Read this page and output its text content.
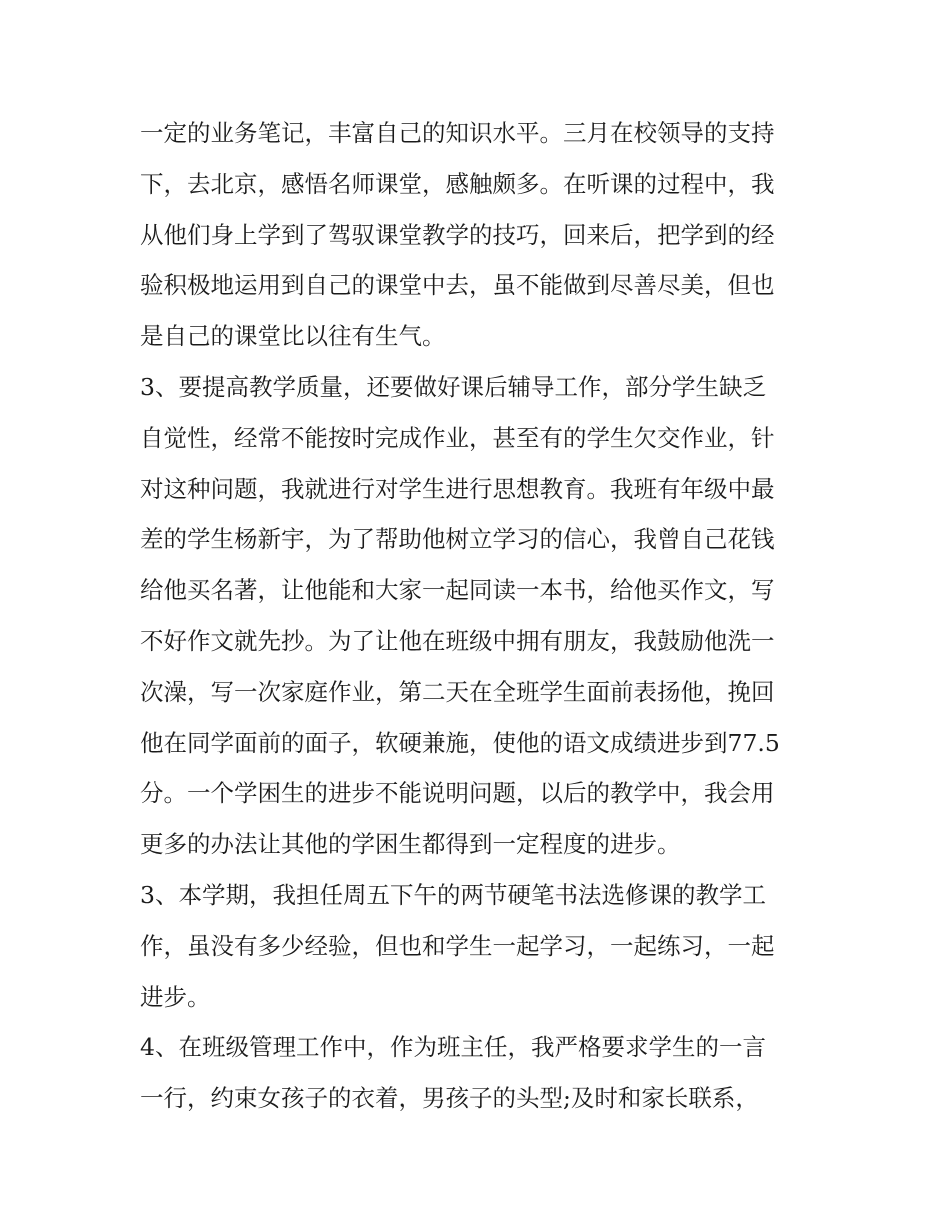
一定的业务笔记，丰富自己的知识水平。三月在校领导的支持
下，去北京，感悟名师课堂，感触颇多。在听课的过程中，我
从他们身上学到了驾驭课堂教学的技巧，回来后，把学到的经
验积极地运用到自己的课堂中去，虽不能做到尽善尽美，但也
是自己的课堂比以往有生气。
3、要提高教学质量，还要做好课后辅导工作，部分学生缺乏
自觉性，经常不能按时完成作业，甚至有的学生欠交作业，针
对这种问题，我就进行对学生进行思想教育。我班有年级中最
差的学生杨新宇，为了帮助他树立学习的信心，我曾自己花钱
给他买名著，让他能和大家一起同读一本书，给他买作文，写
不好作文就先抄。为了让他在班级中拥有朋友，我鼓励他洗一
次澡，写一次家庭作业，第二天在全班学生面前表扬他，挽回
他在同学面前的面子，软硬兼施，使他的语文成绩进步到77.5
分。一个学困生的进步不能说明问题，以后的教学中，我会用
更多的办法让其他的学困生都得到一定程度的进步。
3、本学期，我担任周五下午的两节硬笔书法选修课的教学工
作，虽没有多少经验，但也和学生一起学习，一起练习，一起
进步。
4、在班级管理工作中，作为班主任，我严格要求学生的一言
一行，约束女孩子的衣着，男孩子的头型;及时和家长联系，
